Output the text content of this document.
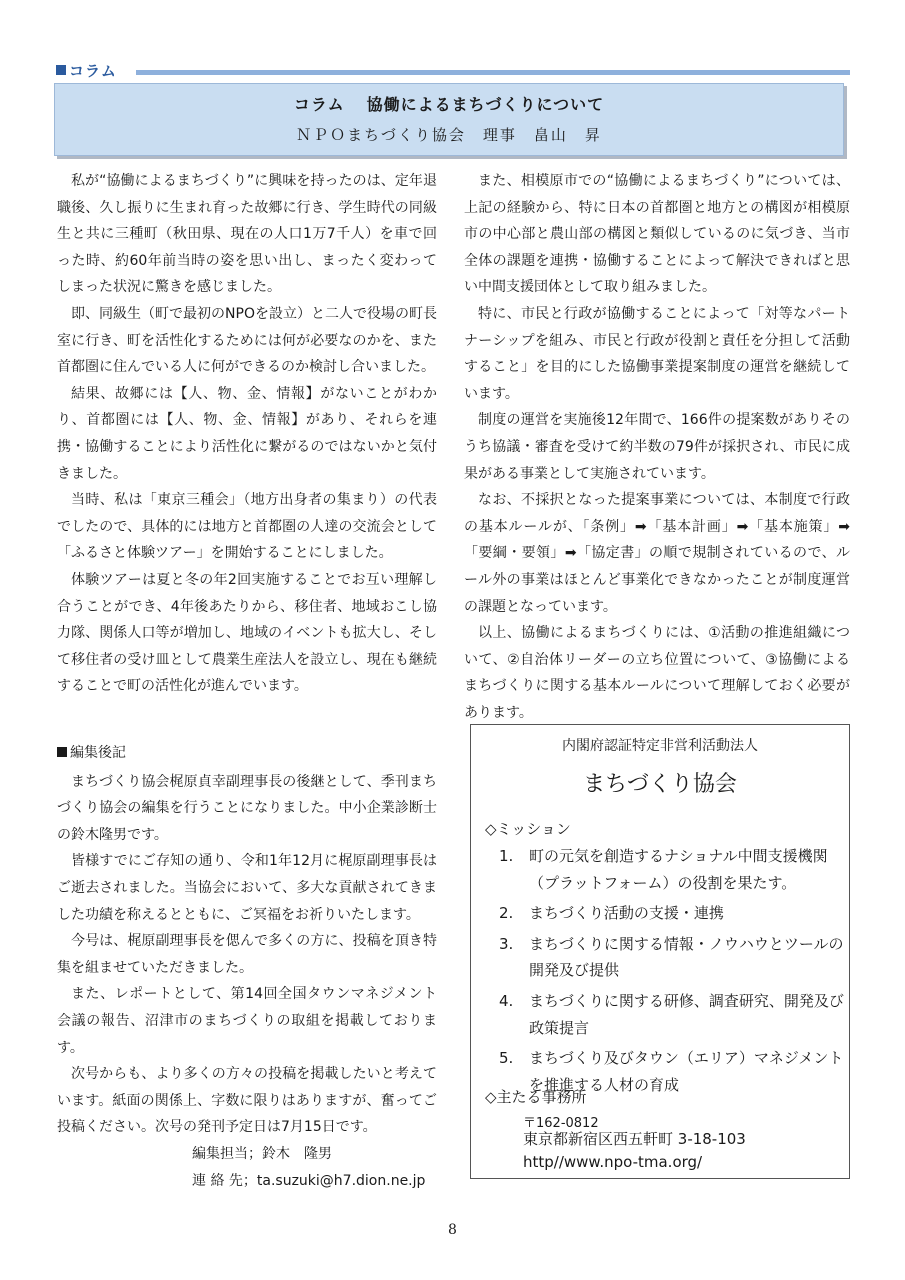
コラム
コラム 協働によるまちづくりについて
ＮＰＯまちづくり協会　理事　畠山　昇

私が“協働によるまちづくり”に興味を持ったのは、定年退職後、久し振りに生まれ育った故郷に行き、学生時代の同級生と共に三種町（秋田県、現在の人口1万7千人）を車で回った時、約60年前当時の姿を思い出し、まったく変わってしまった状況に驚きを感じました。

即、同級生（町で最初のNPOを設立）と二人で役場の町長室に行き、町を活性化するためには何が必要なのかを、また首都圏に住んでいる人に何ができるのか検討し合いました。

結果、故郷には【人、物、金、情報】がないことがわかり、首都圏には【人、物、金、情報】があり、それらを連携・協働することにより活性化に繋がるのではないかと気付きました。

当時、私は「東京三種会」（地方出身者の集まり）の代表でしたので、具体的には地方と首都圏の人達の交流会として「ふるさと体験ツアー」を開始することにしました。

体験ツアーは夏と冬の年2回実施することでお互い理解し合うことができ、4年後あたりから、移住者、地域おこし協力隊、関係人口等が増加し、地域のイベントも拡大し、そして移住者の受け皿として農業生産法人を設立し、現在も継続することで町の活性化が進んでいます。

また、相模原市での“協働によるまちづくり”については、上記の経験から、特に日本の首都圏と地方との構図が相模原市の中心部と農山部の構図と類似しているのに気づき、当市全体の課題を連携・協働することによって解決できればと思い中間支援団体として取り組みました。

特に、市民と行政が協働することによって「対等なパートナーシップを組み、市民と行政が役割と責任を分担して活動すること」を目的にした協働事業提案制度の運営を継続しています。

制度の運営を実施後12年間で、166件の提案数がありそのうち協議・審査を受けて約半数の79件が採択され、市民に成果がある事業として実施されています。

なお、不採択となった提案事業については、本制度で行政の基本ルールが、「条例」➡「基本計画」➡「基本施策」➡「要綱・要領」➡「協定書」の順で規制されているので、ルール外の事業はほとんど事業化できなかったことが制度運営の課題となっています。

以上、協働によるまちづくりには、①活動の推進組織について、②自治体リーダーの立ち位置について、③協働によるまちづくりに関する基本ルールについて理解しておく必要があります。

編集後記

まちづくり協会梶原貞幸副理事長の後継として、季刊まちづくり協会の編集を行うことになりました。中小企業診断士の鈴木隆男です。

皆様すでにご存知の通り、令和1年12月に梶原副理事長はご逝去されました。当協会において、多大な貢献されてきました功績を称えるとともに、ご冥福をお祈りいたします。

今号は、梶原副理事長を偲んで多くの方に、投稿を頂き特集を組ませていただきました。

また、レポートとして、第14回全国タウンマネジメント会議の報告、沼津市のまちづくりの取組を掲載しております。

次号からも、より多くの方々の投稿を掲載したいと考えています。紙面の関係上、字数に限りはありますが、奮ってご投稿ください。次号の発刊予定日は7月15日です。

編集担当；鈴木　隆男
連 絡 先；ta.suzuki@h7.dion.ne.jp
内閣府認証特定非営利活動法人
まちづくり協会
◇ミッション
1. 町の元気を創造するナショナル中間支援機関（プラットフォーム）の役割を果たす。
2. まちづくり活動の支援・連携
3. まちづくりに関する情報・ノウハウとツールの開発及び提供
4. まちづくりに関する研修、調査研究、開発及び政策提言
5. まちづくり及びタウン（エリア）マネジメントを推進する人材の育成
◇主たる事務所
〒162-0812
東京都新宿区西五軒町 3-18-103
http//www.npo-tma.org/
8
